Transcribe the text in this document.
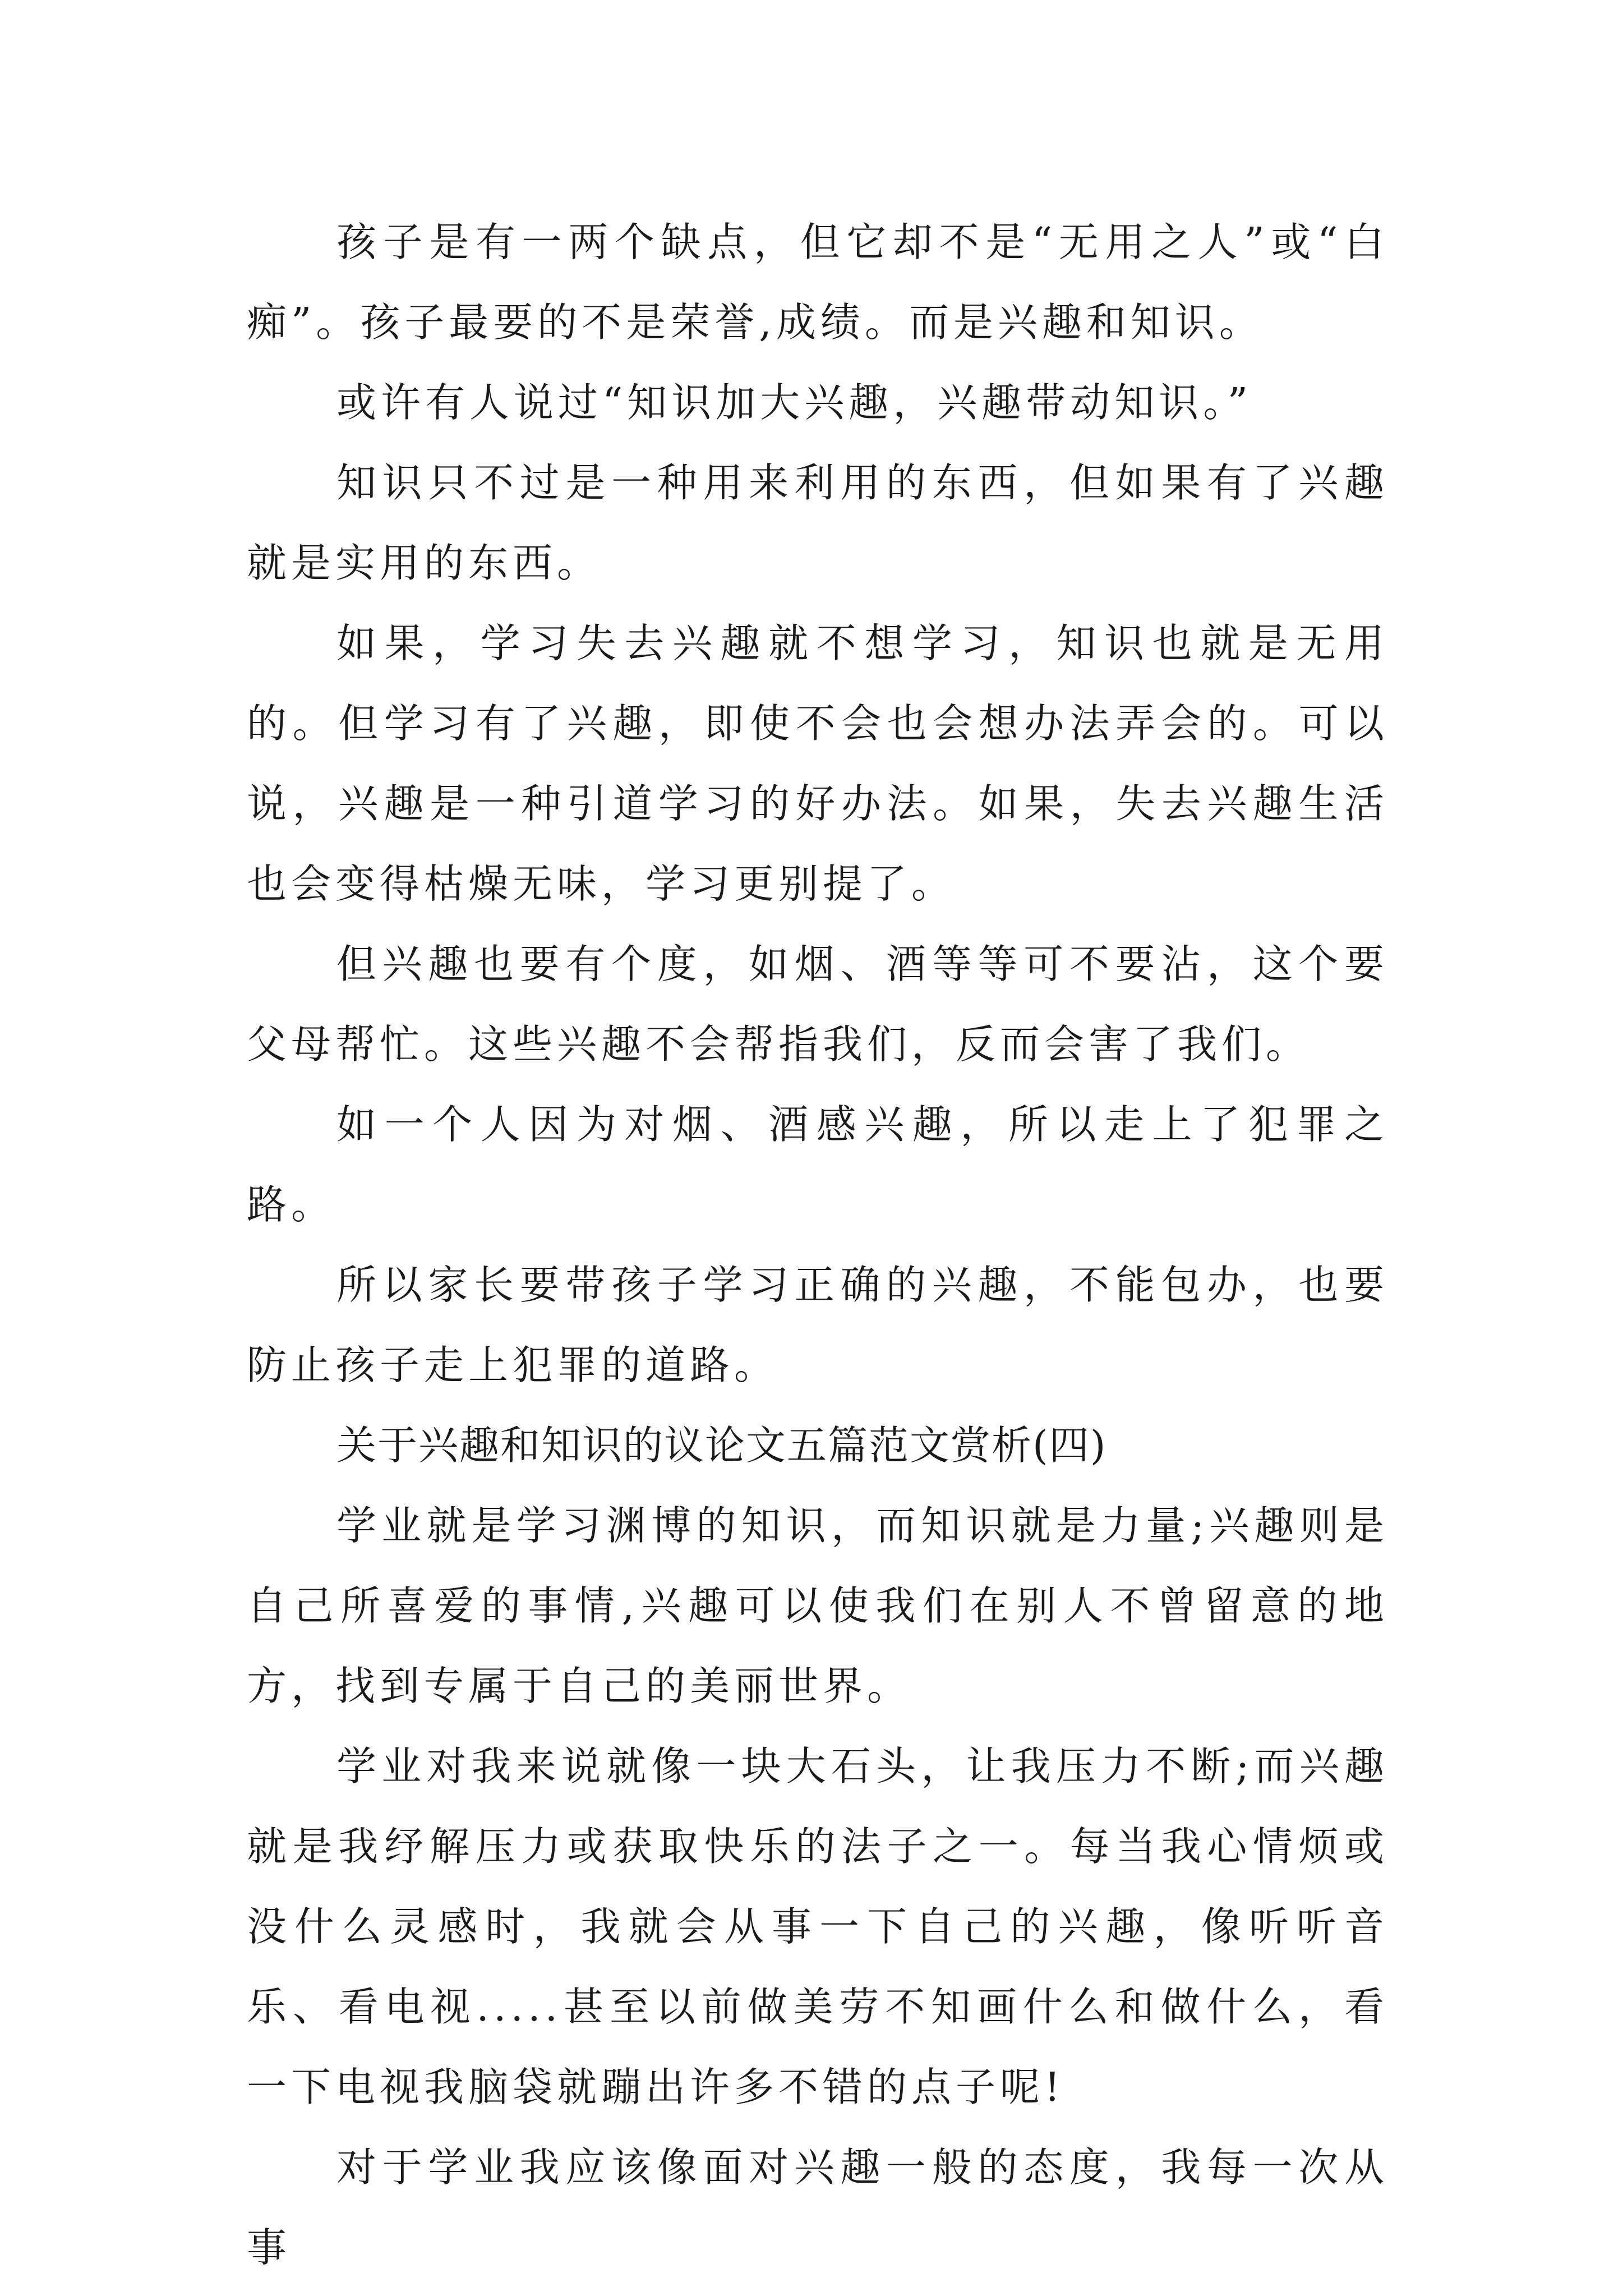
孩子是有一两个缺点，但它却不是“无用之人”或“白痴”。孩子最要的不是荣誉,成绩。而是兴趣和知识。

或许有人说过“知识加大兴趣，兴趣带动知识。”

知识只不过是一种用来利用的东西，但如果有了兴趣就是实用的东西。

如果，学习失去兴趣就不想学习，知识也就是无用的。但学习有了兴趣，即使不会也会想办法弄会的。可以说，兴趣是一种引道学习的好办法。如果，失去兴趣生活也会变得枯燥无味，学习更别提了。

但兴趣也要有个度，如烟、酒等等可不要沾，这个要父母帮忙。这些兴趣不会帮指我们，反而会害了我们。

如一个人因为对烟、酒感兴趣，所以走上了犯罪之路。

所以家长要带孩子学习正确的兴趣，不能包办，也要防止孩子走上犯罪的道路。

关于兴趣和知识的议论文五篇范文赏析(四)

学业就是学习渊博的知识，而知识就是力量;兴趣则是自己所喜爱的事情,兴趣可以使我们在别人不曾留意的地方，找到专属于自己的美丽世界。

学业对我来说就像一块大石头，让我压力不断;而兴趣就是我纾解压力或获取快乐的法子之一。每当我心情烦或没什么灵感时，我就会从事一下自己的兴趣，像听听音乐、看电视.....甚至以前做美劳不知画什么和做什么，看一下电视我脑袋就蹦出许多不错的点子呢!

对于学业我应该像面对兴趣一般的态度，我每一次从事
